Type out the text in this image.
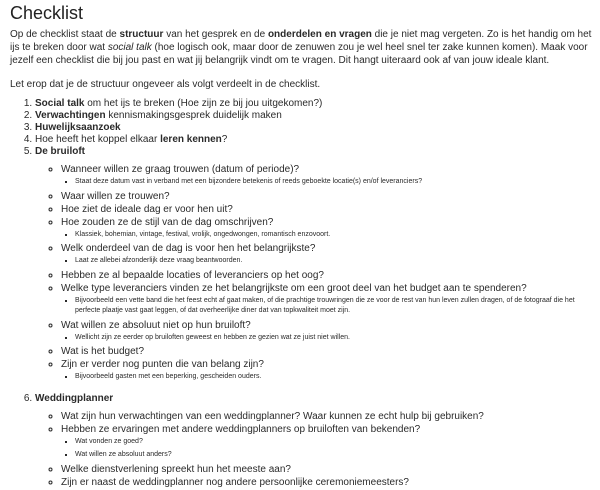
Checklist

Op de checklist staat de structuur van het gesprek en de onderdelen en vragen die je niet mag vergeten. Zo is het handig om het ijs te breken door wat social talk (hoe logisch ook, maar door de zenuwen zou je wel heel snel ter zake kunnen komen). Maak voor jezelf een checklist die bij jou past en wat jij belangrijk vindt om te vragen. Dit hangt uiteraard ook af van jouw ideale klant.

Let erop dat je de structuur ongeveer als volgt verdeelt in de checklist.

1. Social talk om het ijs te breken (Hoe zijn ze bij jou uitgekomen?)
2. Verwachtingen kennismakingsgesprek duidelijk maken
3. Huwelijksaanzoek
4. Hoe heeft het koppel elkaar leren kennen?
5. De bruiloft
◦ Wanneer willen ze graag trouwen (datum of periode)?
▪ Staat deze datum vast in verband met een bijzondere betekenis of reeds geboekte locatie(s) en/of leveranciers?
◦ Waar willen ze trouwen?
◦ Hoe ziet de ideale dag er voor hen uit?
◦ Hoe zouden ze de stijl van de dag omschrijven?
▪ Klassiek, bohemian, vintage, festival, vrolijk, ongedwongen, romantisch enzovoort.
◦ Welk onderdeel van de dag is voor hen het belangrijkste?
▪ Laat ze allebei afzonderlijk deze vraag beantwoorden.
◦ Hebben ze al bepaalde locaties of leveranciers op het oog?
◦ Welke type leveranciers vinden ze het belangrijkste om een groot deel van het budget aan te spenderen?
▪ Bijvoorbeeld een vette band die het feest echt af gaat maken, of die prachtige trouwringen die ze voor de rest van hun leven zullen dragen, of de fotograaf die het perfecte plaatje vast gaat leggen, of dat overheerlijke diner dat van topkwaliteit moet zijn.
◦ Wat willen ze absoluut niet op hun bruiloft?
▪ Wellicht zijn ze eerder op bruiloften geweest en hebben ze gezien wat ze juist niet willen.
◦ Wat is het budget?
◦ Zijn er verder nog punten die van belang zijn?
▪ Bijvoorbeeld gasten met een beperking, gescheiden ouders.
6. Weddingplanner
◦ Wat zijn hun verwachtingen van een weddingplanner? Waar kunnen ze echt hulp bij gebruiken?
◦ Hebben ze ervaringen met andere weddingplanners op bruiloften van bekenden?
▪ Wat vonden ze goed?
▪ Wat willen ze absoluut anders?
◦ Welke dienstverlening spreekt hun het meeste aan?
◦ Zijn er naast de weddingplanner nog andere persoonlijke ceremoniemeesters?
